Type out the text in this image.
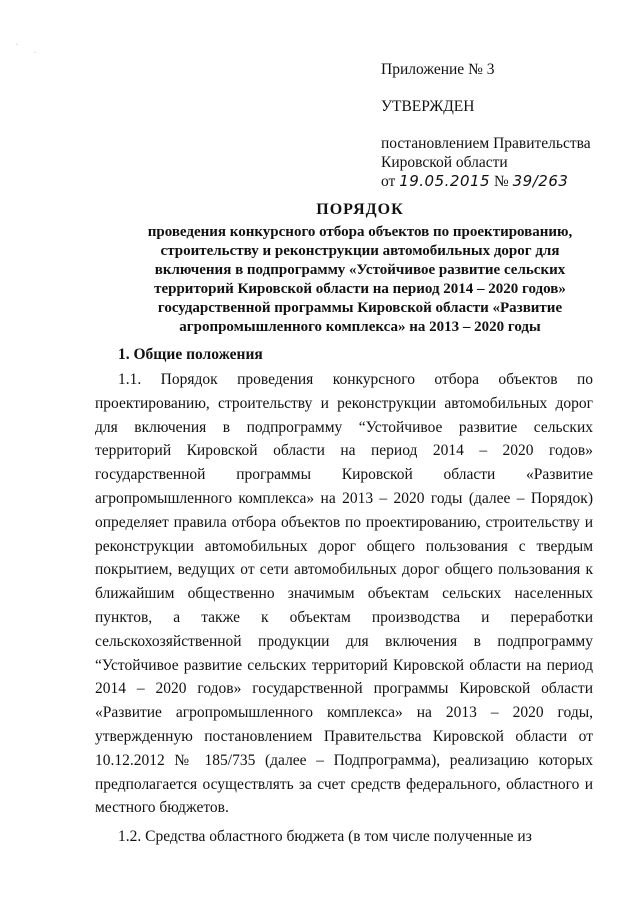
·
·
Приложение № 3
УТВЕРЖДЕН
постановлением Правительства
Кировской области
от 19.05.2015 № 39/263
ПОРЯДОК
проведения конкурсного отбора объектов по проектированию,
строительству и реконструкции автомобильных дорог для
включения в подпрограмму «Устойчивое развитие сельских
территорий Кировской области на период 2014 – 2020 годов»
государственной программы Кировской области «Развитие
агропромышленного комплекса» на 2013 – 2020 годы
1. Общие положения

1.1. Порядок проведения конкурсного отбора объектов по проектированию, строительству и реконструкции автомобильных дорог для включения в подпрограмму “Устойчивое развитие сельских территорий Кировской области на период 2014 – 2020 годов» государственной программы Кировской области «Развитие агропромышленного комплекса» на 2013 – 2020 годы (далее – Порядок) определяет правила отбора объектов по проектированию, строительству и реконструкции автомобильных дорог общего пользования с твердым покрытием, ведущих от сети автомобильных дорог общего пользования к ближайшим общественно значимым объектам сельских населенных пунктов, а также к объектам производства и переработки сельскохозяйственной продукции для включения в подпрограмму “Устойчивое развитие сельских территорий Кировской области на период 2014 – 2020 годов» государственной программы Кировской области «Развитие агропромышленного комплекса» на 2013 – 2020 годы, утвержденную постановлением Правительства Кировской области от 10.12.2012 № 185/735 (далее – Подпрограмма), реализацию которых предполагается осуществлять за счет средств федерального, областного и местного бюджетов.

1.2. Средства областного бюджета (в том числе полученные из
